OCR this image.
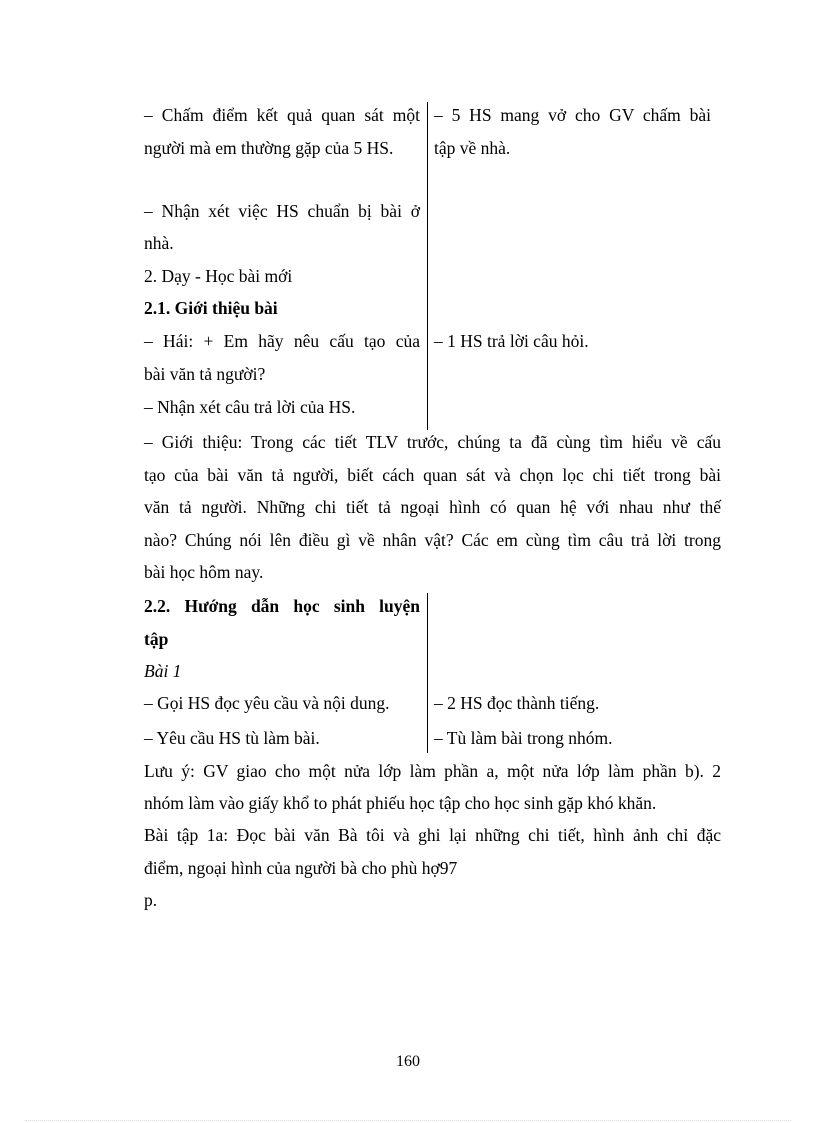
– Chấm điểm kết quả quan sát một
người mà em thường gặp của 5 HS.
– Nhận xét việc HS chuẩn bị bài ở
nhà.
– 5 HS mang vở cho GV chấm bài
tập về nhà.
2. Dạy - Học bài mới
2.1. Giới thiệu bài
– Hái: + Em hãy nêu cấu tạo của
bài văn tả người?
– Nhận xét câu trả lời của HS.
– 1 HS trả lời câu hỏi.
– Giới thiệu: Trong các tiết TLV trước, chúng ta đã cùng tìm hiểu về cấu
tạo của bài văn tả người, biết cách quan sát và chọn lọc chi tiết trong bài
văn tả người. Những chi tiết tả ngoại hình có quan hệ với nhau như thế
nào? Chúng nói lên điều gì về nhân vật? Các em cùng tìm câu trả lời trong
bài học hôm nay.
2.2. Hướng dẫn học sinh luyện
tập
Bài 1
– Gọi HS đọc yêu cầu và nội dung.	– 2 HS đọc thành tiếng.
– Yêu cầu HS tù làm bài.	– Tù làm bài trong nhóm.
Lưu ý: GV giao cho một nửa lớp làm phần a, một nửa lớp làm phần b). 2
nhóm làm vào giấy khổ to phát phiếu học tập cho học sinh gặp khó khăn.
Bài tập 1a: Đọc bài văn Bà tôi và ghi lại những chi tiết, hình ảnh chỉ đặc
điểm, ngoại hình của người bà cho phù hợ97
p.
160
